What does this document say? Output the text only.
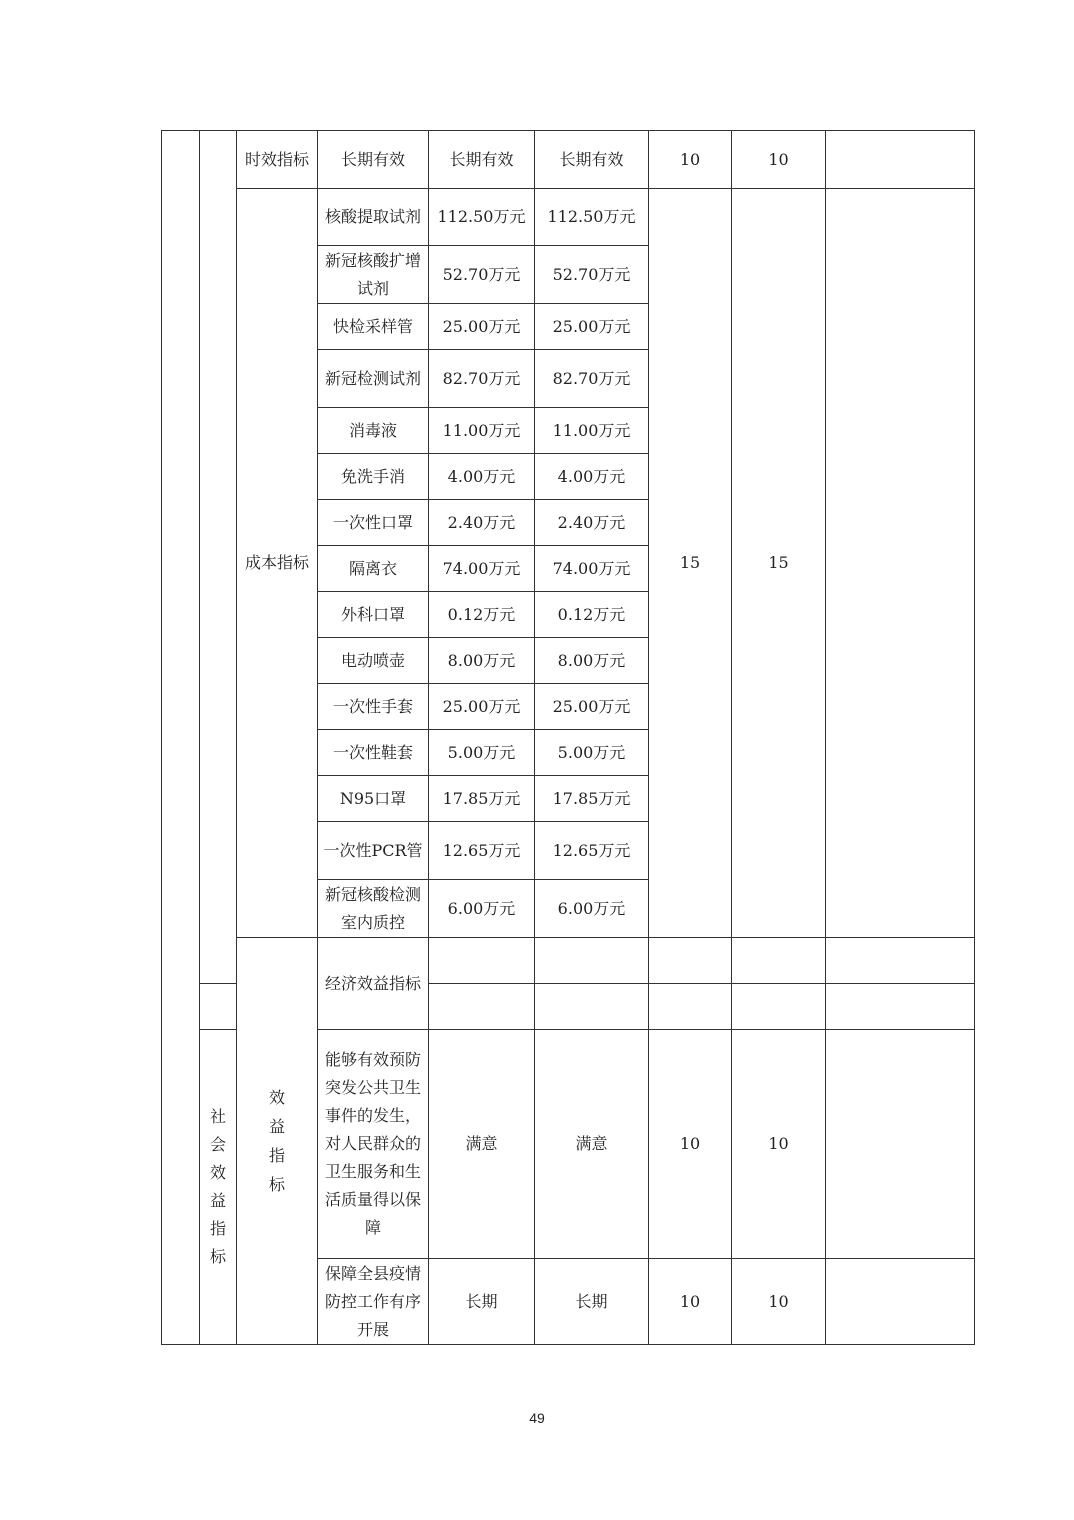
		时效指标	长期有效	长期有效	长期有效	10	10		
		成本指标	核酸提取试剂	112.50万元	112.50万元	15	15		
			新冠核酸扩增试剂	52.70万元	52.70万元				
			快检采样管	25.00万元	25.00万元				
			新冠检测试剂	82.70万元	82.70万元				
			消毒液	11.00万元	11.00万元				
			免洗手消	4.00万元	4.00万元				
			一次性口罩	2.40万元	2.40万元				
			隔离衣	74.00万元	74.00万元				
			外科口罩	0.12万元	0.12万元				
			电动喷壶	8.00万元	8.00万元				
			一次性手套	25.00万元	25.00万元				
			一次性鞋套	5.00万元	5.00万元				
			N95口罩	17.85万元	17.85万元				
			一次性PCR管	12.65万元	12.65万元				
			新冠核酸检测室内质控	6.00万元	6.00万元				

		效益指标	经济效益指标						

	社会效益指标		能够有效预防突发公共卫生事件的发生，对人民群众的卫生服务和生活质量得以保障	满意	满意	10	10		

			保障全县疫情防控工作有序开展	长期	长期	10	10		
49
